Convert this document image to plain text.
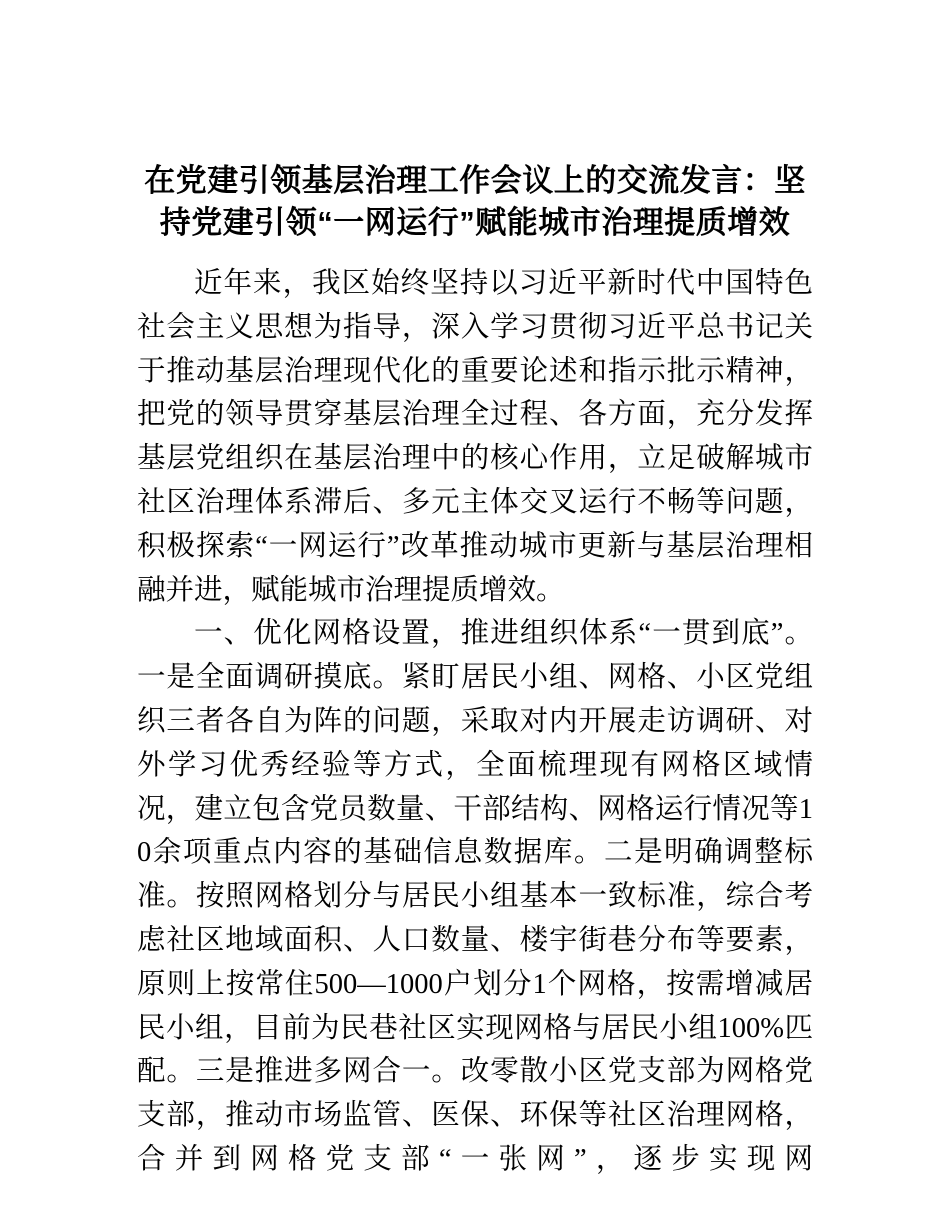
在党建引领基层治理工作会议上的交流发言：坚持党建引领“一网运行”赋能城市治理提质增效

近年来，我区始终坚持以习近平新时代中国特色社会主义思想为指导，深入学习贯彻习近平总书记关于推动基层治理现代化的重要论述和指示批示精神，把党的领导贯穿基层治理全过程、各方面，充分发挥基层党组织在基层治理中的核心作用，立足破解城市社区治理体系滞后、多元主体交叉运行不畅等问题，积极探索“一网运行”改革推动城市更新与基层治理相融并进，赋能城市治理提质增效。

一、优化网格设置，推进组织体系“一贯到底”。一是全面调研摸底。紧盯居民小组、网格、小区党组织三者各自为阵的问题，采取对内开展走访调研、对外学习优秀经验等方式，全面梳理现有网格区域情况，建立包含党员数量、干部结构、网格运行情况等10余项重点内容的基础信息数据库。二是明确调整标准。按照网格划分与居民小组基本一致标准，综合考虑社区地域面积、人口数量、楼宇街巷分布等要素，原则上按常住500—1000户划分1个网格，按需增减居民小组，目前为民巷社区实现网格与居民小组100%匹配。三是推进多网合一。改零散小区党支部为网格党支部，推动市场监管、医保、环保等社区治理网格，合并到网格党支部“一张网”，逐步实现网
